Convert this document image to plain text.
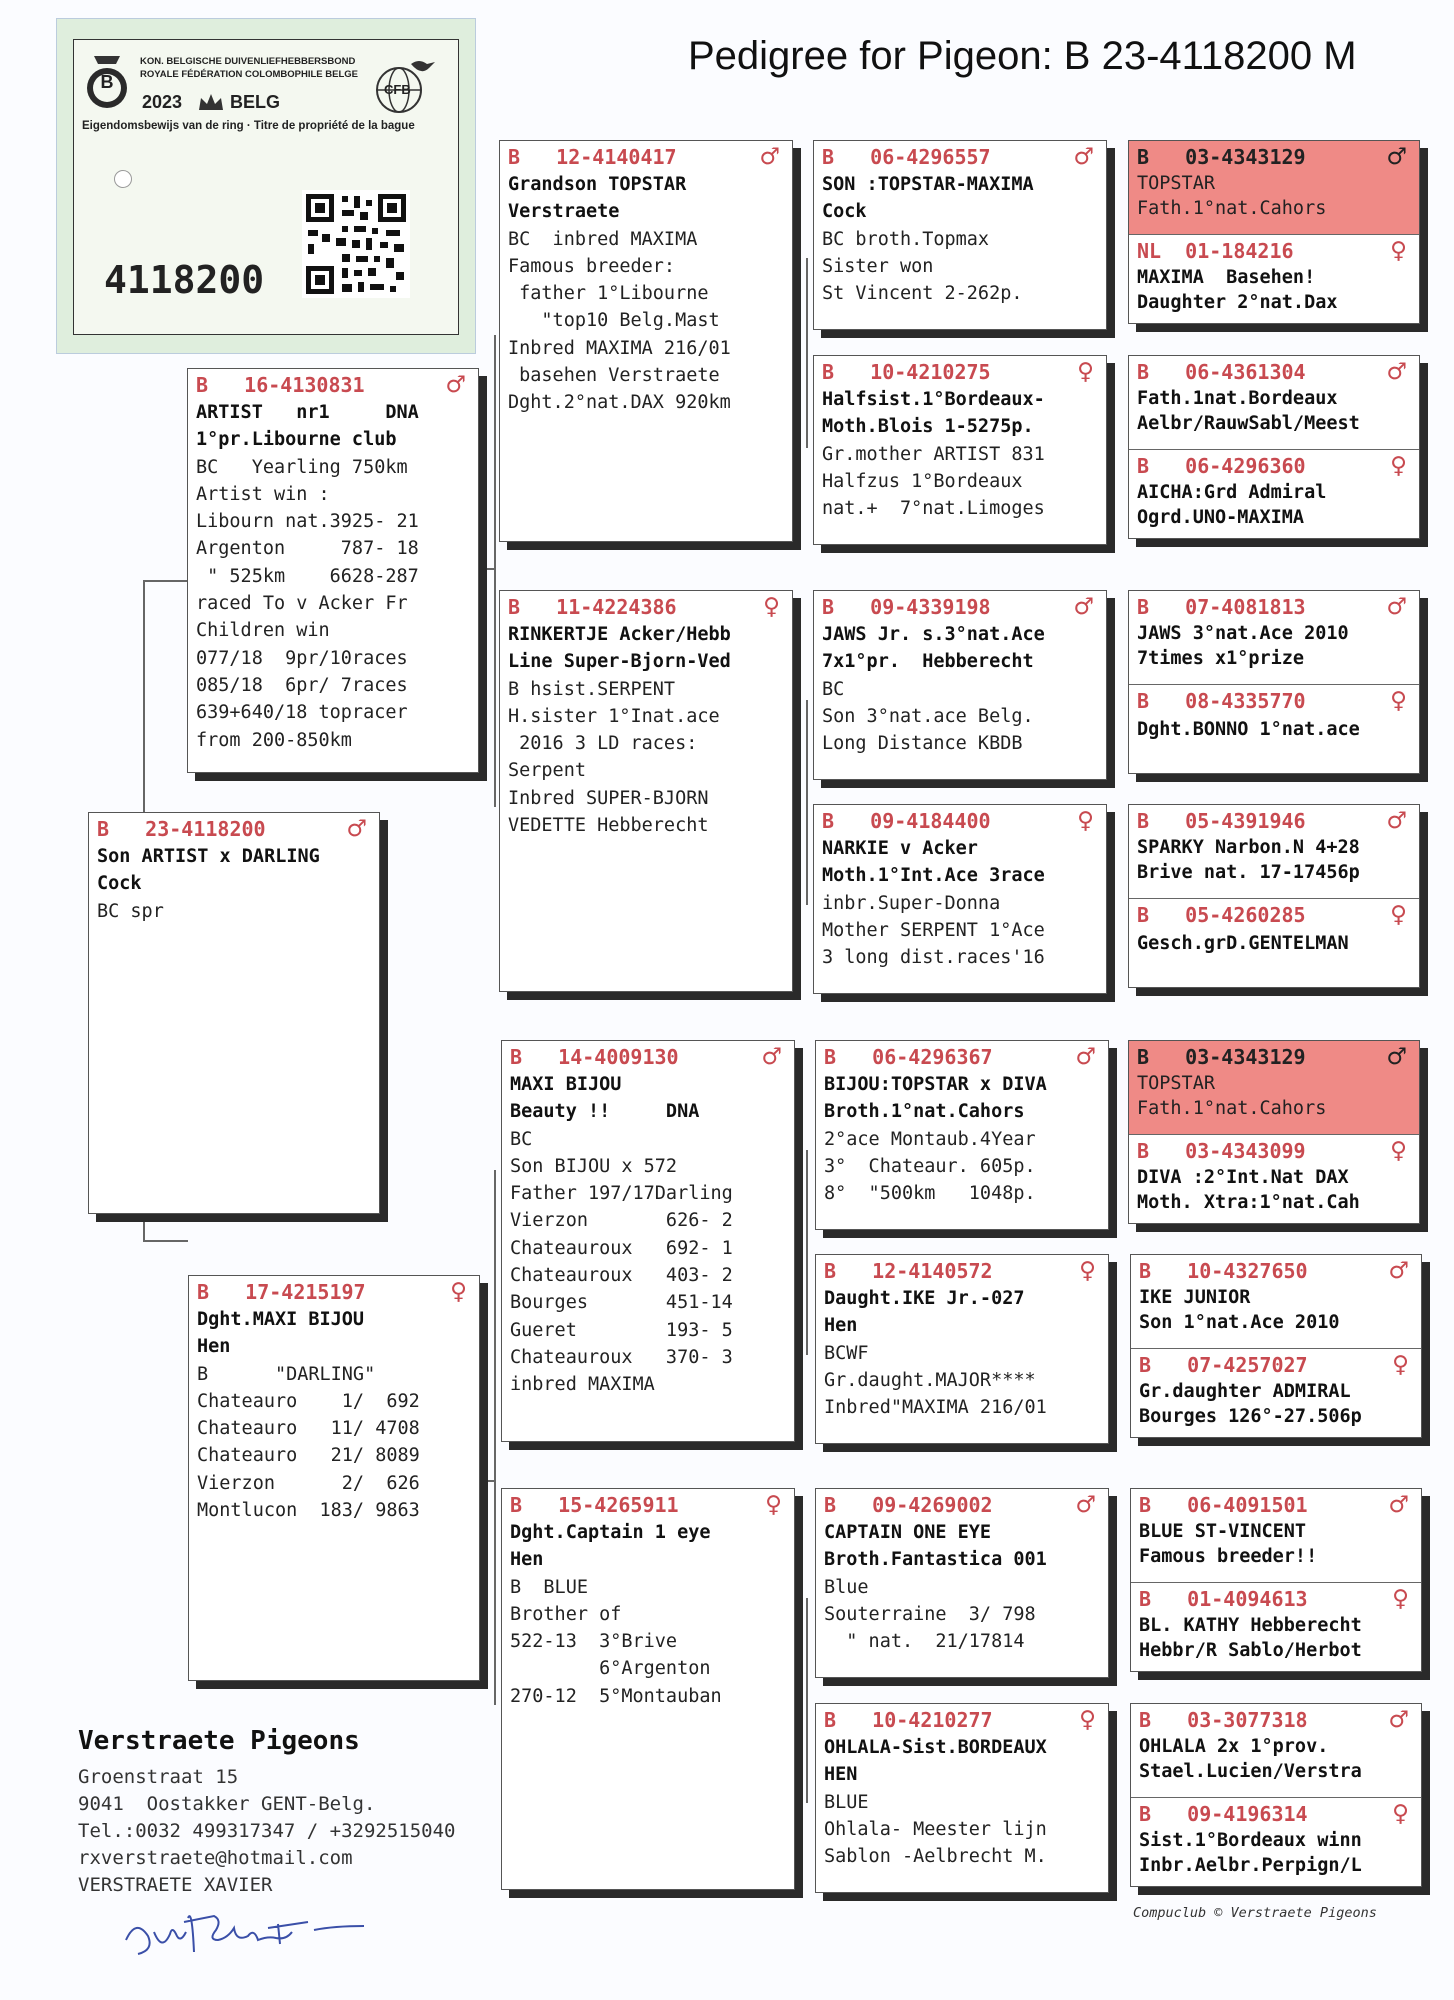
Pedigree for Pigeon: B 23-4118200 M
B
KON. BELGISCHE DUIVENLIEFHEBBERSBOND
ROYALE FÉDÉRATION COLOMBOPHILE BELGE
2023	BELG
CFB
Eigendomsbewijs van de ring · Titre de propriété de la bague
4118200
B   23-4118200	♂
Son ARTIST x DARLING
Cock
BC spr
B   16-4130831	♂
ARTIST   nr1     DNA
1°pr.Libourne club
BC   Yearling 750km
Artist win :
Libourn nat.3925- 21
Argenton     787- 18
" 525km    6628-287
raced To v Acker Fr
Children win
077/18  9pr/10races
085/18  6pr/ 7races
639+640/18 topracer
from 200-850km
B   17-4215197	♀
Dght.MAXI BIJOU
Hen
B      "DARLING"
Chateauro    1/  692
Chateauro   11/ 4708
Chateauro   21/ 8089
Vierzon      2/  626
Montlucon  183/ 9863
B   12-4140417	♂
Grandson TOPSTAR
Verstraete
BC  inbred MAXIMA
Famous breeder:
father 1°Libourne
"top10 Belg.Mast
Inbred MAXIMA 216/01
basehen Verstraete
Dght.2°nat.DAX 920km
B   11-4224386	♀
RINKERTJE Acker/Hebb
Line Super-Bjorn-Ved
B hsist.SERPENT
H.sister 1°Inat.ace
2016 3 LD races:
Serpent
Inbred SUPER-BJORN
VEDETTE Hebberecht
B   14-4009130	♂
MAXI BIJOU
Beauty !!     DNA
BC
Son BIJOU x 572
Father 197/17Darling
Vierzon       626- 2
Chateauroux   692- 1
Chateauroux   403- 2
Bourges       451-14
Gueret        193- 5
Chateauroux   370- 3
inbred MAXIMA
B   15-4265911	♀
Dght.Captain 1 eye
Hen
B  BLUE
Brother of
522-13  3°Brive
6°Argenton
270-12  5°Montauban
B   06-4296557	♂
SON :TOPSTAR-MAXIMA
Cock
BC broth.Topmax
Sister won
St Vincent 2-262p.
B   10-4210275	♀
Halfsist.1°Bordeaux-
Moth.Blois 1-5275p.
Gr.mother ARTIST 831
Halfzus 1°Bordeaux
nat.+  7°nat.Limoges
B   09-4339198	♂
JAWS Jr. s.3°nat.Ace
7x1°pr.  Hebberecht
BC
Son 3°nat.ace Belg.
Long Distance KBDB
B   09-4184400	♀
NARKIE v Acker
Moth.1°Int.Ace 3race
inbr.Super-Donna
Mother SERPENT 1°Ace
3 long dist.races'16
B   06-4296367	♂
BIJOU:TOPSTAR x DIVA
Broth.1°nat.Cahors
2°ace Montaub.4Year
3°  Chateaur. 605p.
8°  "500km   1048p.
B   12-4140572	♀
Daught.IKE Jr.-027
Hen
BCWF
Gr.daught.MAJOR****
Inbred"MAXIMA 216/01
B   09-4269002	♂
CAPTAIN ONE EYE
Broth.Fantastica 001
Blue
Souterraine  3/ 798
" nat.  21/17814
B   10-4210277	♀
OHLALA-Sist.BORDEAUX
HEN
BLUE
Ohlala- Meester lijn
Sablon -Aelbrecht M.
B   03-4343129	♂
TOPSTAR
Fath.1°nat.Cahors
NL  01-184216	♀
MAXIMA  Basehen!
Daughter 2°nat.Dax
B   06-4361304	♂
Fath.1nat.Bordeaux
Aelbr/RauwSabl/Meest
B   06-4296360	♀
AICHA:Grd Admiral
Ogrd.UNO-MAXIMA
B   07-4081813	♂
JAWS 3°nat.Ace 2010
7times x1°prize
B   08-4335770	♀
Dght.BONNO 1°nat.ace
B   05-4391946	♂
SPARKY Narbon.N 4+28
Brive nat. 17-17456p
B   05-4260285	♀
Gesch.grD.GENTELMAN
B   03-4343129	♂
TOPSTAR
Fath.1°nat.Cahors
B   03-4343099	♀
DIVA :2°Int.Nat DAX
Moth. Xtra:1°nat.Cah
B   10-4327650	♂
IKE JUNIOR
Son 1°nat.Ace 2010
B   07-4257027	♀
Gr.daughter ADMIRAL
Bourges 126°-27.506p
B   06-4091501	♂
BLUE ST-VINCENT
Famous breeder!!
B   01-4094613	♀
BL. KATHY Hebberecht
Hebbr/R Sablo/Herbot
B   03-3077318	♂
OHLALA 2x 1°prov.
Stael.Lucien/Verstra
B   09-4196314	♀
Sist.1°Bordeaux winn
Inbr.Aelbr.Perpign/L
Verstraete Pigeons
Groenstraat 15
9041  Oostakker GENT-Belg.
Tel.:0032 499317347 / +3292515040
rxverstraete@hotmail.com
VERSTRAETE XAVIER
Compuclub © Verstraete Pigeons
